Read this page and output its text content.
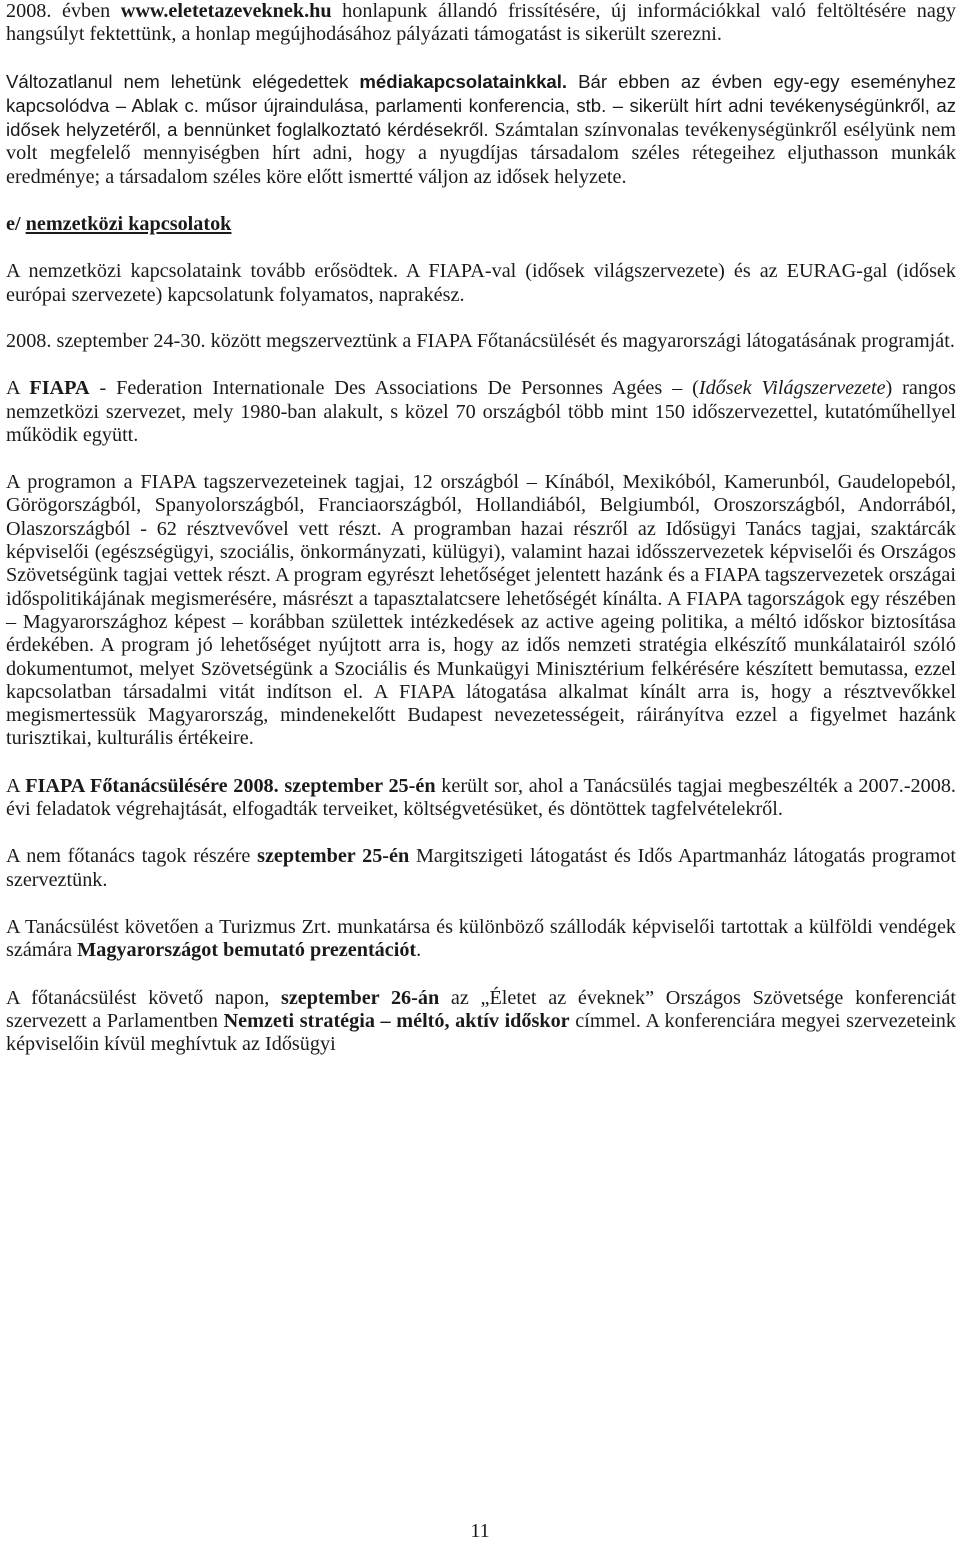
2008. évben www.eletetazeveknek.hu honlapunk állandó frissítésére, új információkkal való feltöltésére nagy hangsúlyt fektettünk, a honlap megújhodásához pályázati támogatást is sikerült szerezni.

Változatlanul nem lehetünk elégedettek médiakapcsolatainkkal. Bár ebben az évben egy-egy eseményhez kapcsolódva – Ablak c. műsor újraindulása, parlamenti konferencia, stb. – sikerült hírt adni tevékenységünkről, az idősek helyzetéről, a bennünket foglalkoztató kérdésekről. Számtalan színvonalas tevékenységünkről esélyünk nem volt megfelelő mennyiségben hírt adni, hogy a nyugdíjas társadalom széles rétegeihez eljuthasson munkák eredménye; a társadalom széles köre előtt ismertté váljon az idősek helyzete.

e/ nemzetközi kapcsolatok

A nemzetközi kapcsolataink tovább erősödtek. A FIAPA-val (idősek világszervezete) és az EURAG-gal (idősek európai szervezete) kapcsolatunk folyamatos, naprakész.

2008. szeptember 24-30. között megszerveztünk a FIAPA Főtanácsülését és magyarországi látogatásának programját.

A FIAPA - Federation Internationale Des Associations De Personnes Agées – (Idősek Világszervezete) rangos nemzetközi szervezet, mely 1980-ban alakult, s közel 70 országból több mint 150 időszervezettel, kutatóműhellyel működik együtt.

A programon a FIAPA tagszervezeteinek tagjai, 12 országból – Kínából, Mexikóból, Kamerunból, Gaudelopeból, Görögországból, Spanyolországból, Franciaországból, Hollandiából, Belgiumból, Oroszországból, Andorrából, Olaszországból - 62 résztvevővel vett részt. A programban hazai részről az Idősügyi Tanács tagjai, szaktárcák képviselői (egészségügyi, szociális, önkormányzati, külügyi), valamint hazai idősszervezetek képviselői és Országos Szövetségünk tagjai vettek részt. A program egyrészt lehetőséget jelentett hazánk és a FIAPA tagszervezetek országai időspolitikájának megismerésére, másrészt a tapasztalatcsere lehetőségét kínálta. A FIAPA tagországok egy részében – Magyarországhoz képest – korábban születtek intézkedések az active ageing politika, a méltó időskor biztosítása érdekében. A program jó lehetőséget nyújtott arra is, hogy az idős nemzeti stratégia elkészítő munkálatairól szóló dokumentumot, melyet Szövetségünk a Szociális és Munkaügyi Minisztérium felkérésére készített bemutassa, ezzel kapcsolatban társadalmi vitát indítson el. A FIAPA látogatása alkalmat kínált arra is, hogy a résztvevőkkel megismertessük Magyarország, mindenekelőtt Budapest nevezetességeit, ráirányítva ezzel a figyelmet hazánk turisztikai, kulturális értékeire.

A FIAPA Főtanácsülésére 2008. szeptember 25-én került sor, ahol a Tanácsülés tagjai megbeszélték a 2007.-2008. évi feladatok végrehajtását, elfogadták terveiket, költségvetésüket, és döntöttek tagfelvételekről.

A nem főtanács tagok részére szeptember 25-én Margitszigeti látogatást és Idős Apartmanház látogatás programot szerveztünk.

A Tanácsülést követően a Turizmus Zrt. munkatársa és különböző szállodák képviselői tartottak a külföldi vendégek számára Magyarországot bemutató prezentációt.

A főtanácsülést követő napon, szeptember 26-án az „Életet az éveknek” Országos Szövetsége konferenciát szervezett a Parlamentben Nemzeti stratégia – méltó, aktív időskor címmel. A konferenciára megyei szervezeteink képviselőin kívül meghívtuk az Idősügyi

11
